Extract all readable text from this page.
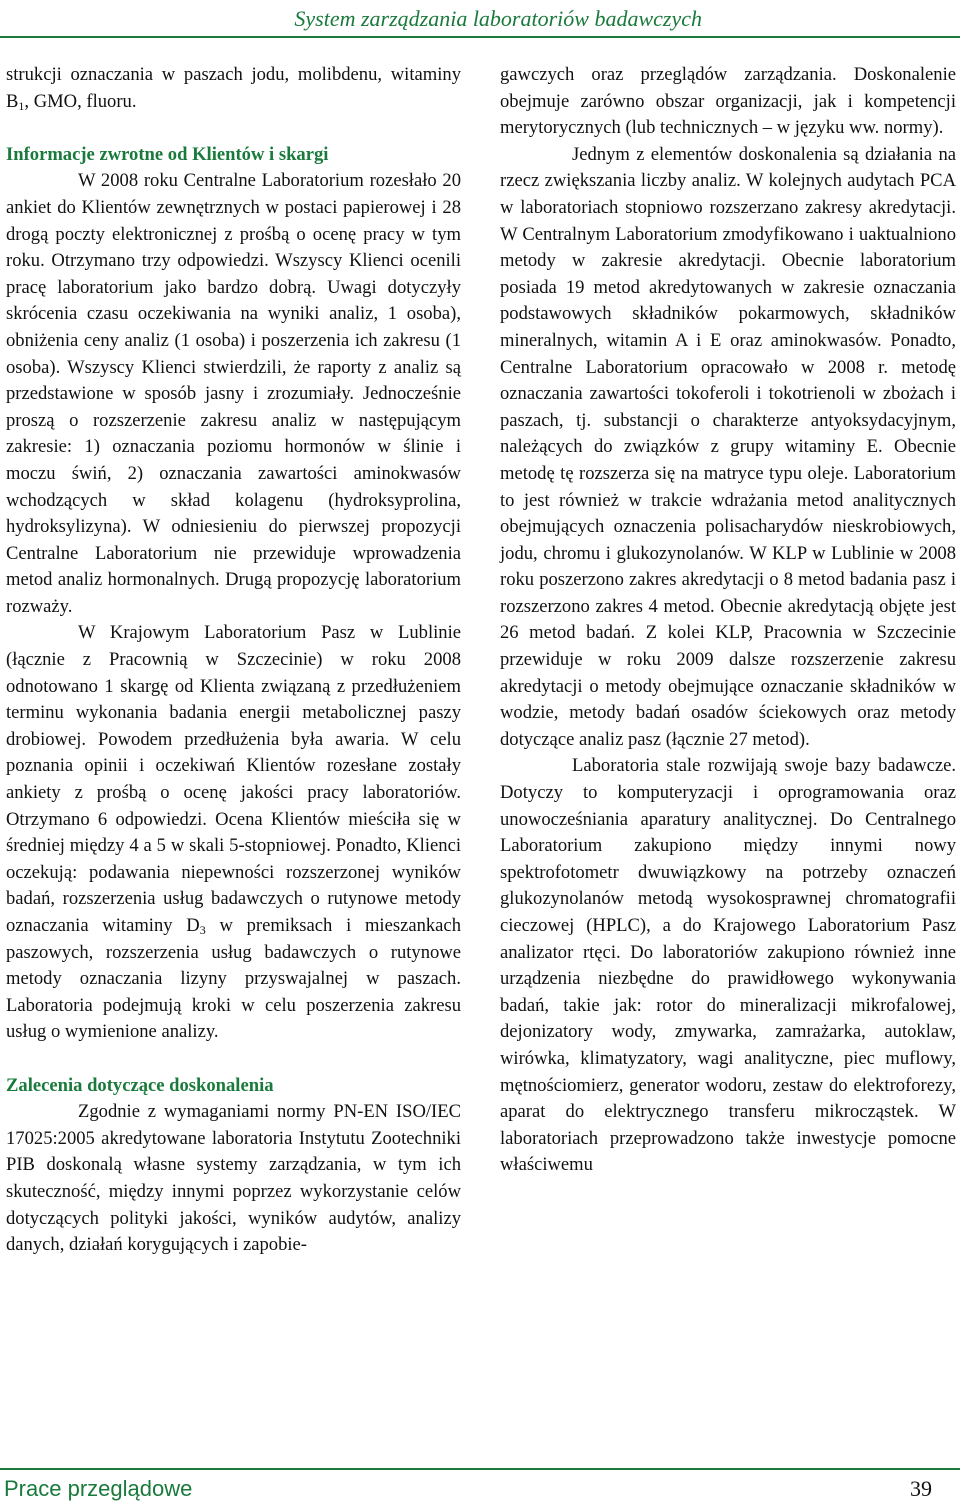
System zarządzania laboratoriów badawczych

strukcji oznaczania w paszach jodu, molibdenu, witaminy $B_1$, GMO, fluoru.

Informacje zwrotne od Klientów i skargi

W 2008 roku Centralne Laboratorium rozesłało 20 ankiet do Klientów zewnętrznych w postaci papierowej i 28 drogą poczty elektronicznej z prośbą o ocenę pracy w tym roku. Otrzymano trzy odpowiedzi. Wszyscy Klienci ocenili pracę laboratorium jako bardzo dobrą. Uwagi dotyczyły skrócenia czasu oczekiwania na wyniki analiz, 1 osoba), obniżenia ceny analiz (1 osoba) i poszerzenia ich zakresu (1 osoba). Wszyscy Klienci stwierdzili, że raporty z analiz są przedstawione w sposób jasny i zrozumiały. Jednocześnie proszą o rozszerzenie zakresu analiz w następującym zakresie: 1) oznaczania poziomu hormonów w ślinie i moczu świń, 2) oznaczania zawartości aminokwasów wchodzących w skład kolagenu (hydroksyprolina, hydroksylizyna). W odniesieniu do pierwszej propozycji Centralne Laboratorium nie przewiduje wprowadzenia metod analiz hormonalnych. Drugą propozycję laboratorium rozważy.

W Krajowym Laboratorium Pasz w Lublinie (łącznie z Pracownią w Szczecinie) w roku 2008 odnotowano 1 skargę od Klienta związaną z przedłużeniem terminu wykonania badania energii metabolicznej paszy drobiowej. Powodem przedłużenia była awaria. W celu poznania opinii i oczekiwań Klientów rozesłane zostały ankiety z prośbą o ocenę jakości pracy laboratoriów. Otrzymano 6 odpowiedzi. Ocena Klientów mieściła się w średniej między 4 a 5 w skali 5-stopniowej. Ponadto, Klienci oczekują: podawania niepewności rozszerzonej wyników badań, rozszerzenia usług badawczych o rutynowe metody oznaczania witaminy $D_3$ w premiksach i mieszankach paszowych, rozszerzenia usług badawczych o rutynowe metody oznaczania lizyny przyswajalnej w paszach. Laboratoria podejmują kroki w celu poszerzenia zakresu usług o wymienione analizy.

Zalecenia dotyczące doskonalenia

Zgodnie z wymaganiami normy PN-EN ISO/IEC 17025:2005 akredytowane laboratoria Instytutu Zootechniki PIB doskonalą własne systemy zarządzania, w tym ich skuteczność, między innymi poprzez wykorzystanie celów dotyczących polityki jakości, wyników audytów, analizy danych, działań korygujących i zapobie-

gawczych oraz przeglądów zarządzania. Doskonalenie obejmuje zarówno obszar organizacji, jak i kompetencji merytorycznych (lub technicznych – w języku ww. normy).

Jednym z elementów doskonalenia są działania na rzecz zwiększania liczby analiz. W kolejnych audytach PCA w laboratoriach stopniowo rozszerzano zakresy akredytacji. W Centralnym Laboratorium zmodyfikowano i uaktualniono metody w zakresie akredytacji. Obecnie laboratorium posiada 19 metod akredytowanych w zakresie oznaczania podstawowych składników pokarmowych, składników mineralnych, witamin A i E oraz aminokwasów. Ponadto, Centralne Laboratorium opracowało w 2008 r. metodę oznaczania zawartości tokoferoli i tokotrienoli w zbożach i paszach, tj. substancji o charakterze antyoksydacyjnym, należących do związków z grupy witaminy E. Obecnie metodę tę rozszerza się na matryce typu oleje. Laboratorium to jest również w trakcie wdrażania metod analitycznych obejmujących oznaczenia polisacharydów nieskrobiowych, jodu, chromu i glukozynolanów. W KLP w Lublinie w 2008 roku poszerzono zakres akredytacji o 8 metod badania pasz i rozszerzono zakres 4 metod. Obecnie akredytacją objęte jest 26 metod badań. Z kolei KLP, Pracownia w Szczecinie przewiduje w roku 2009 dalsze rozszerzenie zakresu akredytacji o metody obejmujące oznaczanie składników w wodzie, metody badań osadów ściekowych oraz metody dotyczące analiz pasz (łącznie 27 metod).

Laboratoria stale rozwijają swoje bazy badawcze. Dotyczy to komputeryzacji i oprogramowania oraz unowocześniania aparatury analitycznej. Do Centralnego Laboratorium zakupiono między innymi nowy spektrofotometr dwuwiązkowy na potrzeby oznaczeń glukozynolanów metodą wysokosprawnej chromatografii cieczowej (HPLC), a do Krajowego Laboratorium Pasz analizator rtęci. Do laboratoriów zakupiono również inne urządzenia niezbędne do prawidłowego wykonywania badań, takie jak: rotor do mineralizacji mikrofalowej, dejonizatory wody, zmywarka, zamrażarka, autoklaw, wirówka, klimatyzatory, wagi analityczne, piec muflowy, mętnościomierz, generator wodoru, zestaw do elektroforezy, aparat do elektrycznego transferu mikrocząstek. W laboratoriach przeprowadzono także inwestycje pomocne właściwemu

Prace przeglądowe	39
